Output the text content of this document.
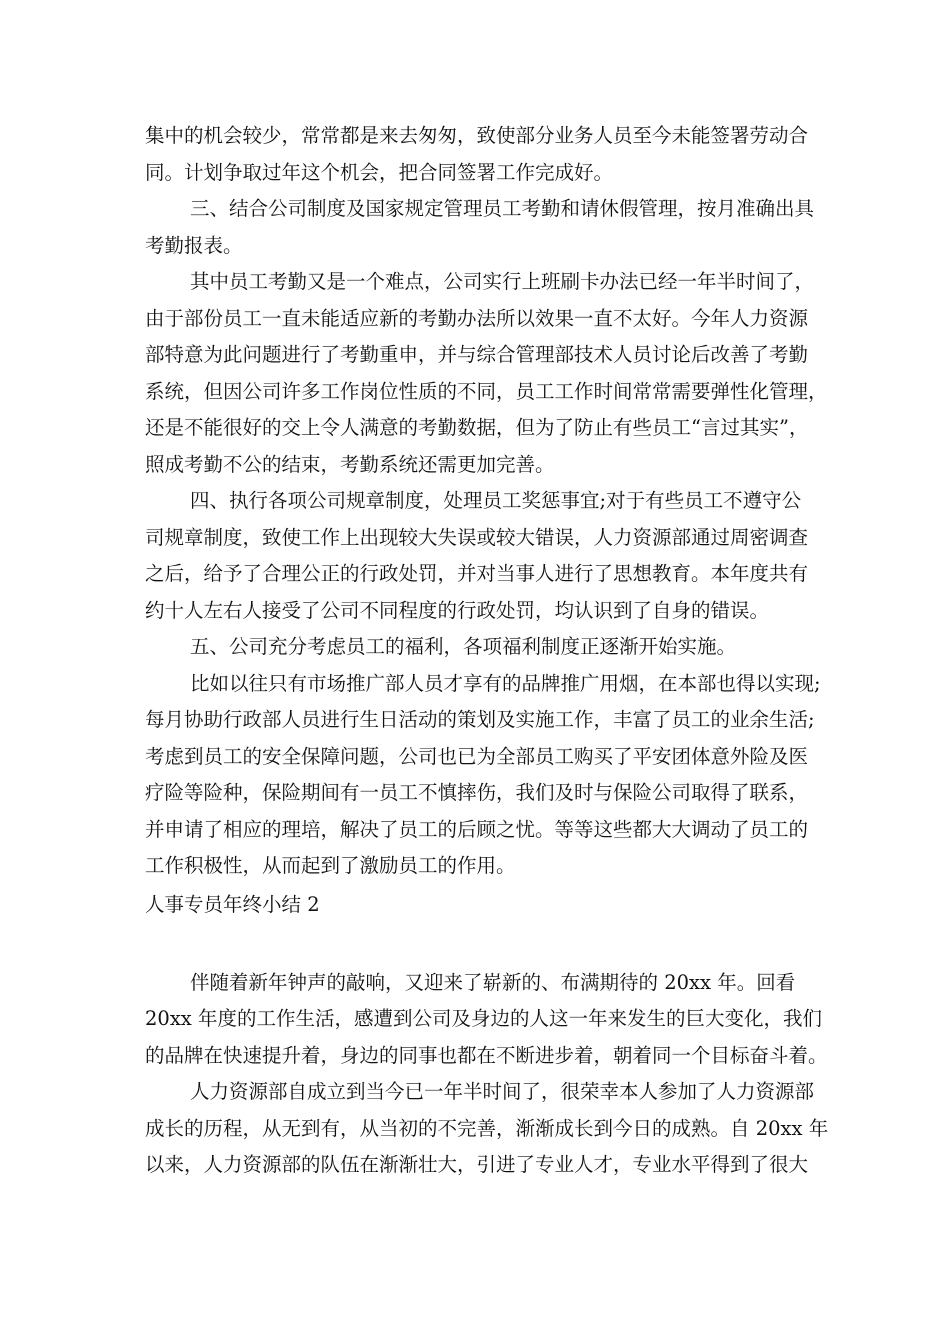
集中的机会较少，常常都是来去匆匆，致使部分业务人员至今未能签署劳动合
同。计划争取过年这个机会，把合同签署工作完成好。
三、结合公司制度及国家规定管理员工考勤和请休假管理，按月准确出具
考勤报表。
其中员工考勤又是一个难点，公司实行上班刷卡办法已经一年半时间了，
由于部份员工一直未能适应新的考勤办法所以效果一直不太好。今年人力资源
部特意为此问题进行了考勤重申，并与综合管理部技术人员讨论后改善了考勤
系统，但因公司许多工作岗位性质的不同，员工工作时间常常需要弹性化管理，
还是不能很好的交上令人满意的考勤数据，但为了防止有些员工“言过其实”，
照成考勤不公的结束，考勤系统还需更加完善。
四、执行各项公司规章制度，处理员工奖惩事宜;对于有些员工不遵守公
司规章制度，致使工作上出现较大失误或较大错误，人力资源部通过周密调查
之后，给予了合理公正的行政处罚，并对当事人进行了思想教育。本年度共有
约十人左右人接受了公司不同程度的行政处罚，均认识到了自身的错误。
五、公司充分考虑员工的福利，各项福利制度正逐渐开始实施。
比如以往只有市场推广部人员才享有的品牌推广用烟，在本部也得以实现;
每月协助行政部人员进行生日活动的策划及实施工作，丰富了员工的业余生活;
考虑到员工的安全保障问题，公司也已为全部员工购买了平安团体意外险及医
疗险等险种，保险期间有一员工不慎摔伤，我们及时与保险公司取得了联系，
并申请了相应的理培，解决了员工的后顾之忧。等等这些都大大调动了员工的
工作积极性，从而起到了激励员工的作用。
人事专员年终小结 2
伴随着新年钟声的敲响，又迎来了崭新的、布满期待的 20xx 年。回看
20xx 年度的工作生活，感遭到公司及身边的人这一年来发生的巨大变化，我们
的品牌在快速提升着，身边的同事也都在不断进步着，朝着同一个目标奋斗着。
人力资源部自成立到当今已一年半时间了，很荣幸本人参加了人力资源部
成长的历程，从无到有，从当初的不完善，渐渐成长到今日的成熟。自 20xx 年
以来，人力资源部的队伍在渐渐壮大，引进了专业人才，专业水平得到了很大
